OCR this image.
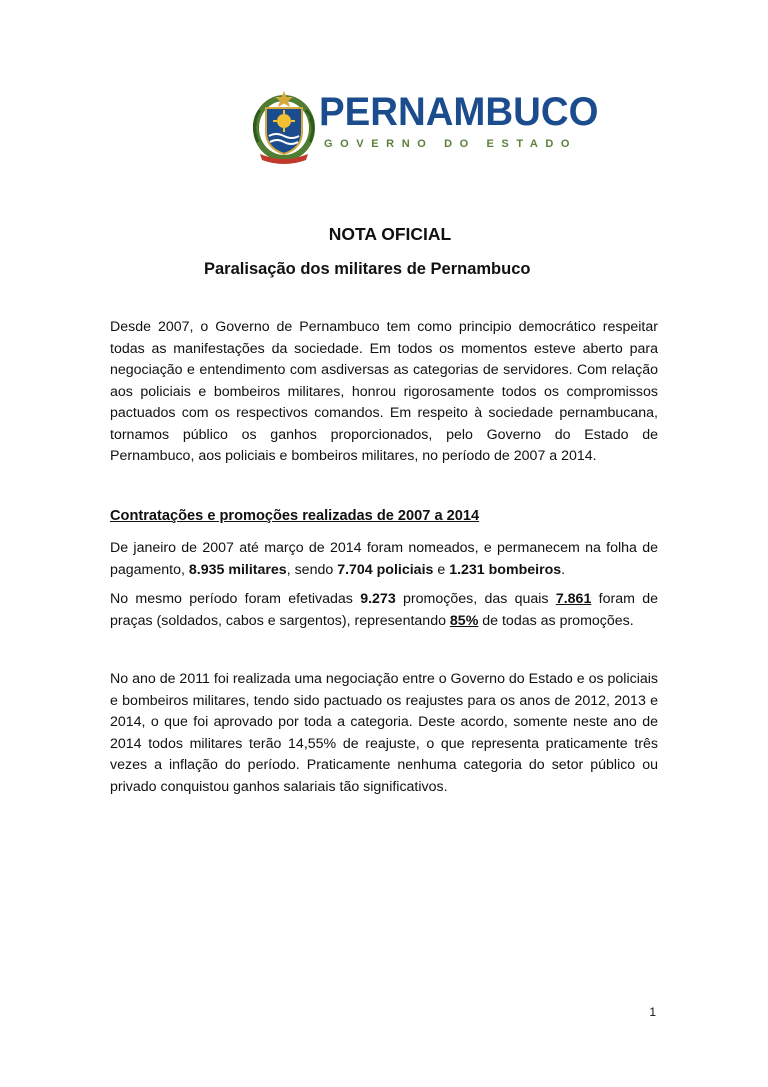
PERNAMBUCO
GOVERNO DO ESTADO
NOTA OFICIAL
Paralisação dos militares de Pernambuco
Desde 2007, o Governo de Pernambuco tem como principio democrático respeitar todas as manifestações da sociedade. Em todos os momentos esteve aberto para negociação e entendimento com asdiversas as categorias de servidores. Com relação aos policiais e bombeiros militares, honrou rigorosamente todos os compromissos pactuados com os respectivos comandos. Em respeito à sociedade pernambucana, tornamos público os ganhos proporcionados, pelo Governo do Estado de Pernambuco, aos policiais e bombeiros militares, no período de 2007 a 2014.
Contratações e promoções realizadas de 2007 a 2014
De janeiro de 2007 até março de 2014 foram nomeados, e permanecem na folha de pagamento, 8.935 militares, sendo 7.704 policiais e 1.231 bombeiros.
No mesmo período foram efetivadas 9.273 promoções, das quais 7.861 foram de praças (soldados, cabos e sargentos), representando 85% de todas as promoções.
No ano de 2011 foi realizada uma negociação entre o Governo do Estado e os policiais e bombeiros militares, tendo sido pactuado os reajustes para os anos de 2012, 2013 e 2014, o que foi aprovado por toda a categoria. Deste acordo, somente neste ano de 2014 todos militares terão 14,55% de reajuste, o que representa praticamente três vezes a inflação do período. Praticamente nenhuma categoria do setor público ou privado conquistou ganhos salariais tão significativos.
1
